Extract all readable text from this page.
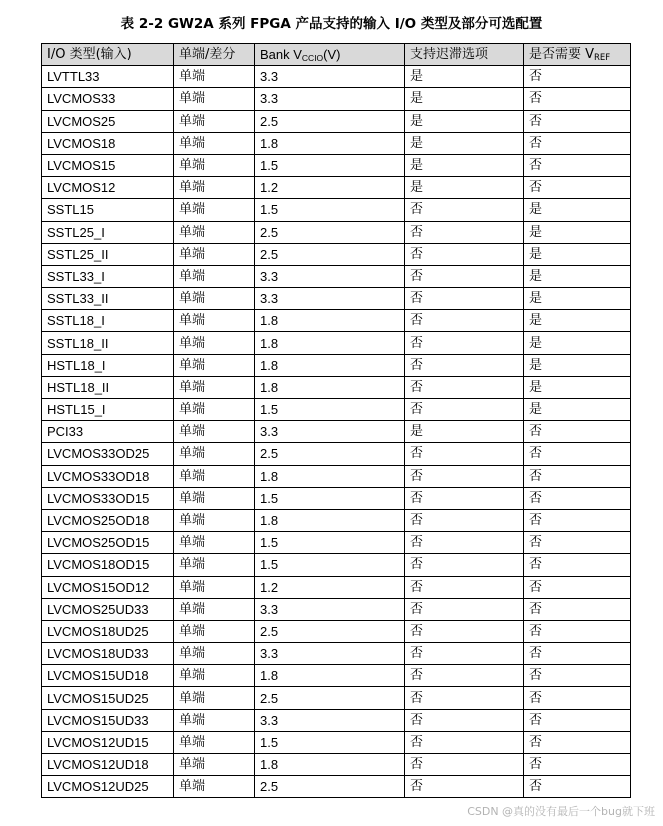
表 2-2 GW2A 系列 FPGA 产品支持的输入 I/O 类型及部分可选配置
I/O 类型(输入)	单端/差分	Bank $V_{CCIO}(V)$	支持迟滞选项	是否需要 $V_{REF}$
LVTTL33	单端	3.3	是	否
LVCMOS33	单端	3.3	是	否
LVCMOS25	单端	2.5	是	否
LVCMOS18	单端	1.8	是	否
LVCMOS15	单端	1.5	是	否
LVCMOS12	单端	1.2	是	否
SSTL15	单端	1.5	否	是
SSTL25_I	单端	2.5	否	是
SSTL25_II	单端	2.5	否	是
SSTL33_I	单端	3.3	否	是
SSTL33_II	单端	3.3	否	是
SSTL18_I	单端	1.8	否	是
SSTL18_II	单端	1.8	否	是
HSTL18_I	单端	1.8	否	是
HSTL18_II	单端	1.8	否	是
HSTL15_I	单端	1.5	否	是
PCI33	单端	3.3	是	否
LVCMOS33OD25	单端	2.5	否	否
LVCMOS33OD18	单端	1.8	否	否
LVCMOS33OD15	单端	1.5	否	否
LVCMOS25OD18	单端	1.8	否	否
LVCMOS25OD15	单端	1.5	否	否
LVCMOS18OD15	单端	1.5	否	否
LVCMOS15OD12	单端	1.2	否	否
LVCMOS25UD33	单端	3.3	否	否
LVCMOS18UD25	单端	2.5	否	否
LVCMOS18UD33	单端	3.3	否	否
LVCMOS15UD18	单端	1.8	否	否
LVCMOS15UD25	单端	2.5	否	否
LVCMOS15UD33	单端	3.3	否	否
LVCMOS12UD15	单端	1.5	否	否
LVCMOS12UD18	单端	1.8	否	否
LVCMOS12UD25	单端	2.5	否	否
CSDN @真的没有最后一个bug就下班
